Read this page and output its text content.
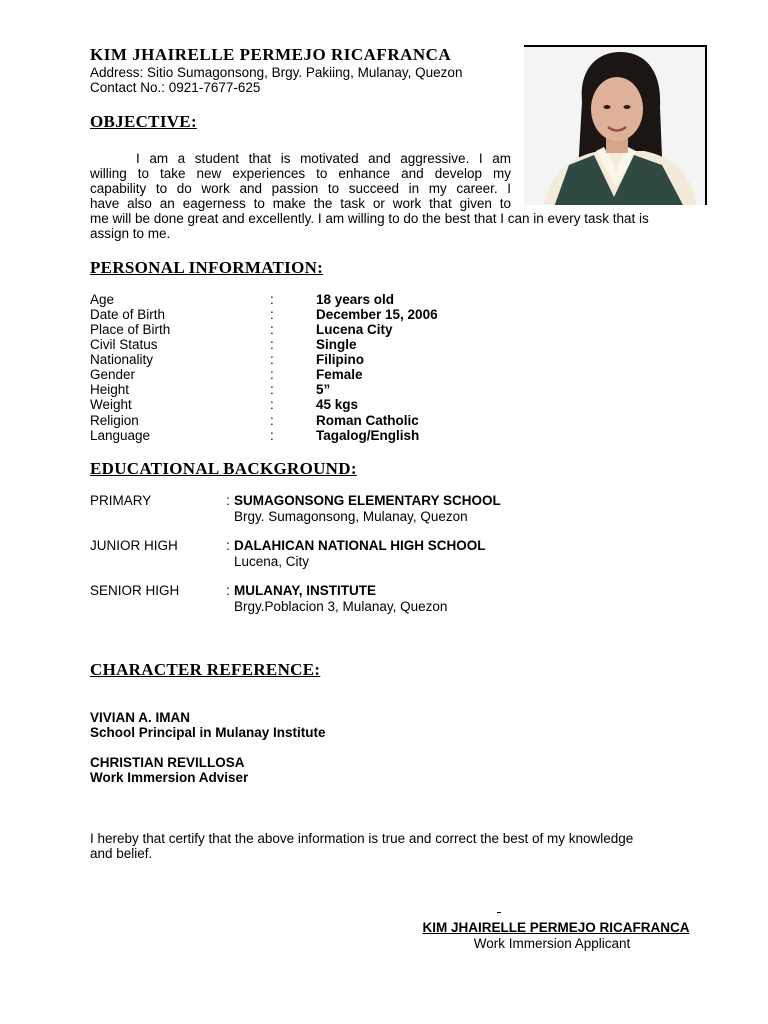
KIM JHAIRELLE PERMEJO RICAFRANCA
Address: Sitio Sumagonsong, Brgy. Pakiing, Mulanay, Quezon
Contact No.: 0921-7677-625
OBJECTIVE:
I am a student that is motivated and aggressive. I am
willing to take new experiences to enhance and develop my
capability to do work and passion to succeed in my career. I
have also an eagerness to make the task or work that given to
me will be done great and excellently. I am willing to do the best that I can in every task that is
assign to me.
PERSONAL INFORMATION:
Age	:	18 years old
Date of Birth	:	December 15, 2006
Place of Birth	:	Lucena City
Civil Status	:	Single
Nationality	:	Filipino
Gender	:	Female
Height	:	5”
Weight	:	45 kgs
Religion	:	Roman Catholic
Language	:	Tagalog/English
EDUCATIONAL BACKGROUND:
PRIMARY	: SUMAGONSONG ELEMENTARY SCHOOL
Brgy. Sumagonsong, Mulanay, Quezon
JUNIOR HIGH	: DALAHICAN NATIONAL HIGH SCHOOL
Lucena, City
SENIOR HIGH	: MULANAY, INSTITUTE
Brgy.Poblacion 3, Mulanay, Quezon
CHARACTER REFERENCE:
VIVIAN A. IMAN
School Principal in Mulanay Institute
CHRISTIAN REVILLOSA
Work Immersion Adviser
I hereby that certify that the above information is true and correct the best of my knowledge
and belief.
KIM JHAIRELLE PERMEJO RICAFRANCA
Work Immersion Applicant
